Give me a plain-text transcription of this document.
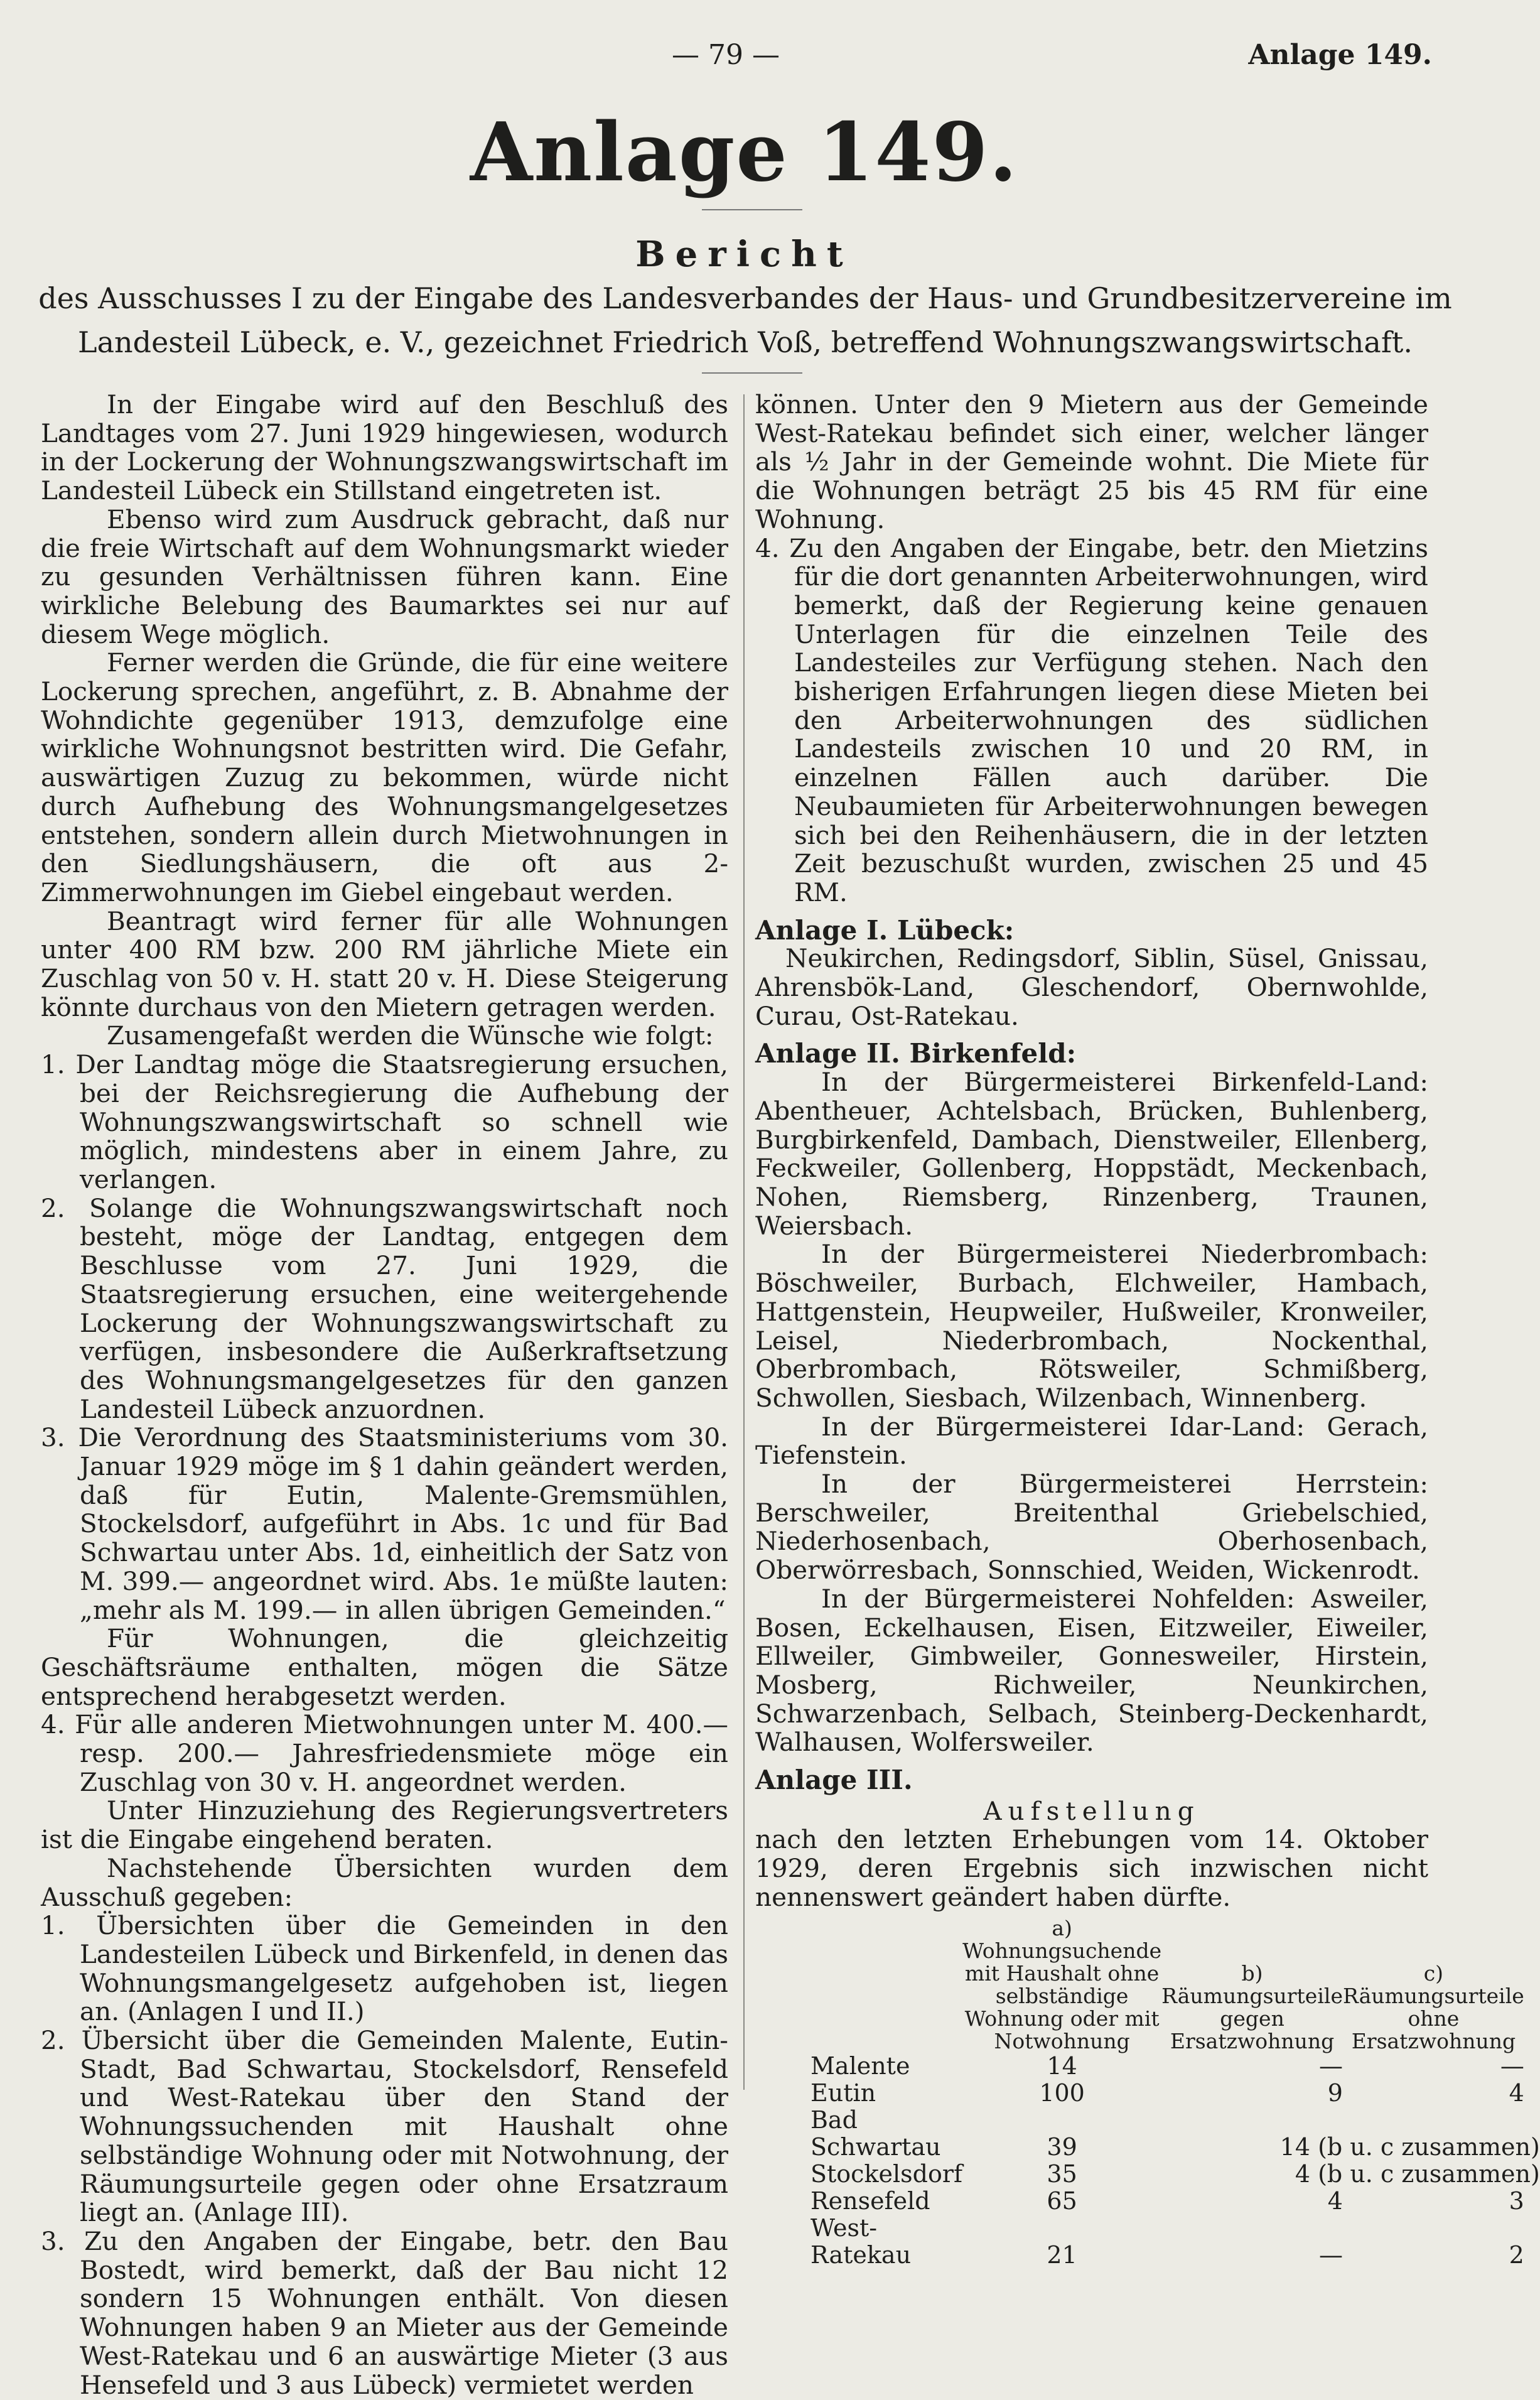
— 79 —	Anlage 149.
Anlage 149.
Bericht
des Ausschusses I zu der Eingabe des Landesverbandes der Haus- und Grundbesitzervereine im Landesteil Lübeck, e. V., gezeichnet Friedrich Voß, betreffend Wohnungszwangswirtschaft.

In der Eingabe wird auf den Beschluß des Landtages vom 27. Juni 1929 hingewiesen, wodurch in der Lockerung der Wohnungszwangswirtschaft im Landesteil Lübeck ein Stillstand eingetreten ist.

Ebenso wird zum Ausdruck gebracht, daß nur die freie Wirtschaft auf dem Wohnungsmarkt wieder zu gesunden Verhältnissen führen kann. Eine wirkliche Belebung des Baumarktes sei nur auf diesem Wege möglich.

Ferner werden die Gründe, die für eine weitere Lockerung sprechen, angeführt, z. B. Abnahme der Wohndichte gegenüber 1913, demzufolge eine wirkliche Wohnungsnot bestritten wird. Die Gefahr, auswärtigen Zuzug zu bekommen, würde nicht durch Aufhebung des Wohnungsmangelgesetzes entstehen, sondern allein durch Mietwohnungen in den Siedlungshäusern, die oft aus 2-Zimmerwohnungen im Giebel eingebaut werden.

Beantragt wird ferner für alle Wohnungen unter 400 RM bzw. 200 RM jährliche Miete ein Zuschlag von 50 v. H. statt 20 v. H. Diese Steigerung könnte durchaus von den Mietern getragen werden.

Zusamengefaßt werden die Wünsche wie folgt:

1. Der Landtag möge die Staatsregierung ersuchen, bei der Reichsregierung die Aufhebung der Wohnungszwangswirtschaft so schnell wie möglich, mindestens aber in einem Jahre, zu verlangen.

2. Solange die Wohnungszwangswirtschaft noch besteht, möge der Landtag, entgegen dem Beschlusse vom 27. Juni 1929, die Staatsregierung ersuchen, eine weitergehende Lockerung der Wohnungszwangswirtschaft zu verfügen, insbesondere die Außerkraftsetzung des Wohnungsmangelgesetzes für den ganzen Landesteil Lübeck anzuordnen.

3. Die Verordnung des Staatsministeriums vom 30. Januar 1929 möge im § 1 dahin geändert werden, daß für Eutin, Malente-Gremsmühlen, Stockelsdorf, aufgeführt in Abs. 1c und für Bad Schwartau unter Abs. 1d, einheitlich der Satz von M. 399.— angeordnet wird. Abs. 1e müßte lauten: „mehr als M. 199.— in allen übrigen Gemeinden.“

Für Wohnungen, die gleichzeitig Geschäftsräume enthalten, mögen die Sätze entsprechend herabgesetzt werden.

4. Für alle anderen Mietwohnungen unter M. 400.— resp. 200.— Jahresfriedensmiete möge ein Zuschlag von 30 v. H. angeordnet werden.

Unter Hinzuziehung des Regierungsvertreters ist die Eingabe eingehend beraten.

Nachstehende Übersichten wurden dem Ausschuß gegeben:

1. Übersichten über die Gemeinden in den Landesteilen Lübeck und Birkenfeld, in denen das Wohnungsmangelgesetz aufgehoben ist, liegen an. (Anlagen I und II.)

2. Übersicht über die Gemeinden Malente, Eutin-Stadt, Bad Schwartau, Stockelsdorf, Rensefeld und West-Ratekau über den Stand der Wohnungssuchenden mit Haushalt ohne selbständige Wohnung oder mit Notwohnung, der Räumungsurteile gegen oder ohne Ersatzraum liegt an. (Anlage III).

3. Zu den Angaben der Eingabe, betr. den Bau Bostedt, wird bemerkt, daß der Bau nicht 12 sondern 15 Wohnungen enthält. Von diesen Wohnungen haben 9 an Mieter aus der Gemeinde West-Ratekau und 6 an auswärtige Mieter (3 aus Hensefeld und 3 aus Lübeck) vermietet werden

können. Unter den 9 Mietern aus der Gemeinde West-Ratekau befindet sich einer, welcher länger als ½ Jahr in der Gemeinde wohnt. Die Miete für die Wohnungen beträgt 25 bis 45 RM für eine Wohnung.

4. Zu den Angaben der Eingabe, betr. den Mietzins für die dort genannten Arbeiterwohnungen, wird bemerkt, daß der Regierung keine genauen Unterlagen für die einzelnen Teile des Landesteiles zur Verfügung stehen. Nach den bisherigen Erfahrungen liegen diese Mieten bei den Arbeiterwohnungen des südlichen Landesteils zwischen 10 und 20 RM, in einzelnen Fällen auch darüber. Die Neubaumieten für Arbeiterwohnungen bewegen sich bei den Reihenhäusern, die in der letzten Zeit bezuschußt wurden, zwischen 25 und 45 RM.

Anlage I. Lübeck:

Neukirchen, Redingsdorf, Siblin, Süsel, Gnissau, Ahrensbök-Land, Gleschendorf, Obernwohlde, Curau, Ost-Ratekau.

Anlage II. Birkenfeld:

In der Bürgermeisterei Birkenfeld-Land: Abentheuer, Achtelsbach, Brücken, Buhlenberg, Burgbirkenfeld, Dambach, Dienstweiler, Ellenberg, Feckweiler, Gollenberg, Hoppstädt, Meckenbach, Nohen, Riemsberg, Rinzenberg, Traunen, Weiersbach.

In der Bürgermeisterei Niederbrombach: Böschweiler, Burbach, Elchweiler, Hambach, Hattgenstein, Heupweiler, Hußweiler, Kronweiler, Leisel, Niederbrombach, Nockenthal, Oberbrombach, Rötsweiler, Schmißberg, Schwollen, Siesbach, Wilzenbach, Winnenberg.

In der Bürgermeisterei Idar-Land: Gerach, Tiefenstein.

In der Bürgermeisterei Herrstein: Berschweiler, Breitenthal Griebelschied, Niederhosenbach, Oberhosenbach, Oberwörresbach, Sonnschied, Weiden, Wickenrodt.

In der Bürgermeisterei Nohfelden: Asweiler, Bosen, Eckelhausen, Eisen, Eitzweiler, Eiweiler, Ellweiler, Gimbweiler, Gonnesweiler, Hirstein, Mosberg, Richweiler, Neunkirchen, Schwarzenbach, Selbach, Steinberg-Deckenhardt, Walhausen, Wolfersweiler.

Anlage III.

Aufstellung

nach den letzten Erhebungen vom 14. Oktober 1929, deren Ergebnis sich inzwischen nicht nennenswert geändert haben dürfte.

	a) Wohnungsuchende mit Haushalt ohne selbständige Wohnung oder mit Notwohnung	b) Räumungsurteile gegen Ersatzwohnung	c) Räumungsurteile ohne Ersatzwohnung
Malente	14	—	—
Eutin	100	9	4
Bad Schwartau	39	14 (b u. c zusammen)	
Stockelsdorf	35	4 (b u. c zusammen)	
Rensefeld	65	4	3
West-Ratekau	21	—	2
